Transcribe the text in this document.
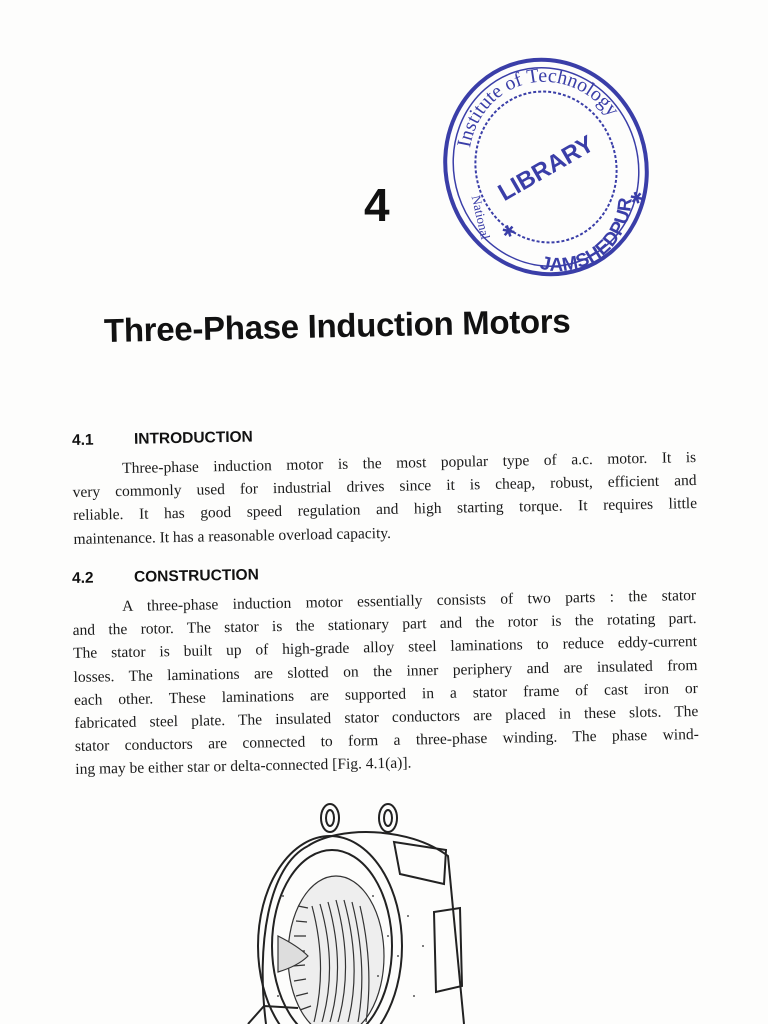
4
Institute of Technology
JAMSHEDPUR
LIBRARY
National	✱
✱
Three-Phase Induction Motors
4.1	INTRODUCTION
Three-phase induction motor is the most popular type of a.c. motor. It is
very commonly used for industrial drives since it is cheap, robust, efficient and
reliable. It has good speed regulation and high starting torque. It requires little
maintenance. It has a reasonable overload capacity.
4.2	CONSTRUCTION
A three-phase induction motor essentially consists of two parts : the stator
and the rotor. The stator is the stationary part and the rotor is the rotating part.
The stator is built up of high-grade alloy steel laminations to reduce eddy-current
losses. The laminations are slotted on the inner periphery and are insulated from
each other. These laminations are supported in a stator frame of cast iron or
fabricated steel plate. The insulated stator conductors are placed in these slots. The
stator conductors are connected to form a three-phase winding. The phase wind-
ing may be either star or delta-connected [Fig. 4.1(a)].
